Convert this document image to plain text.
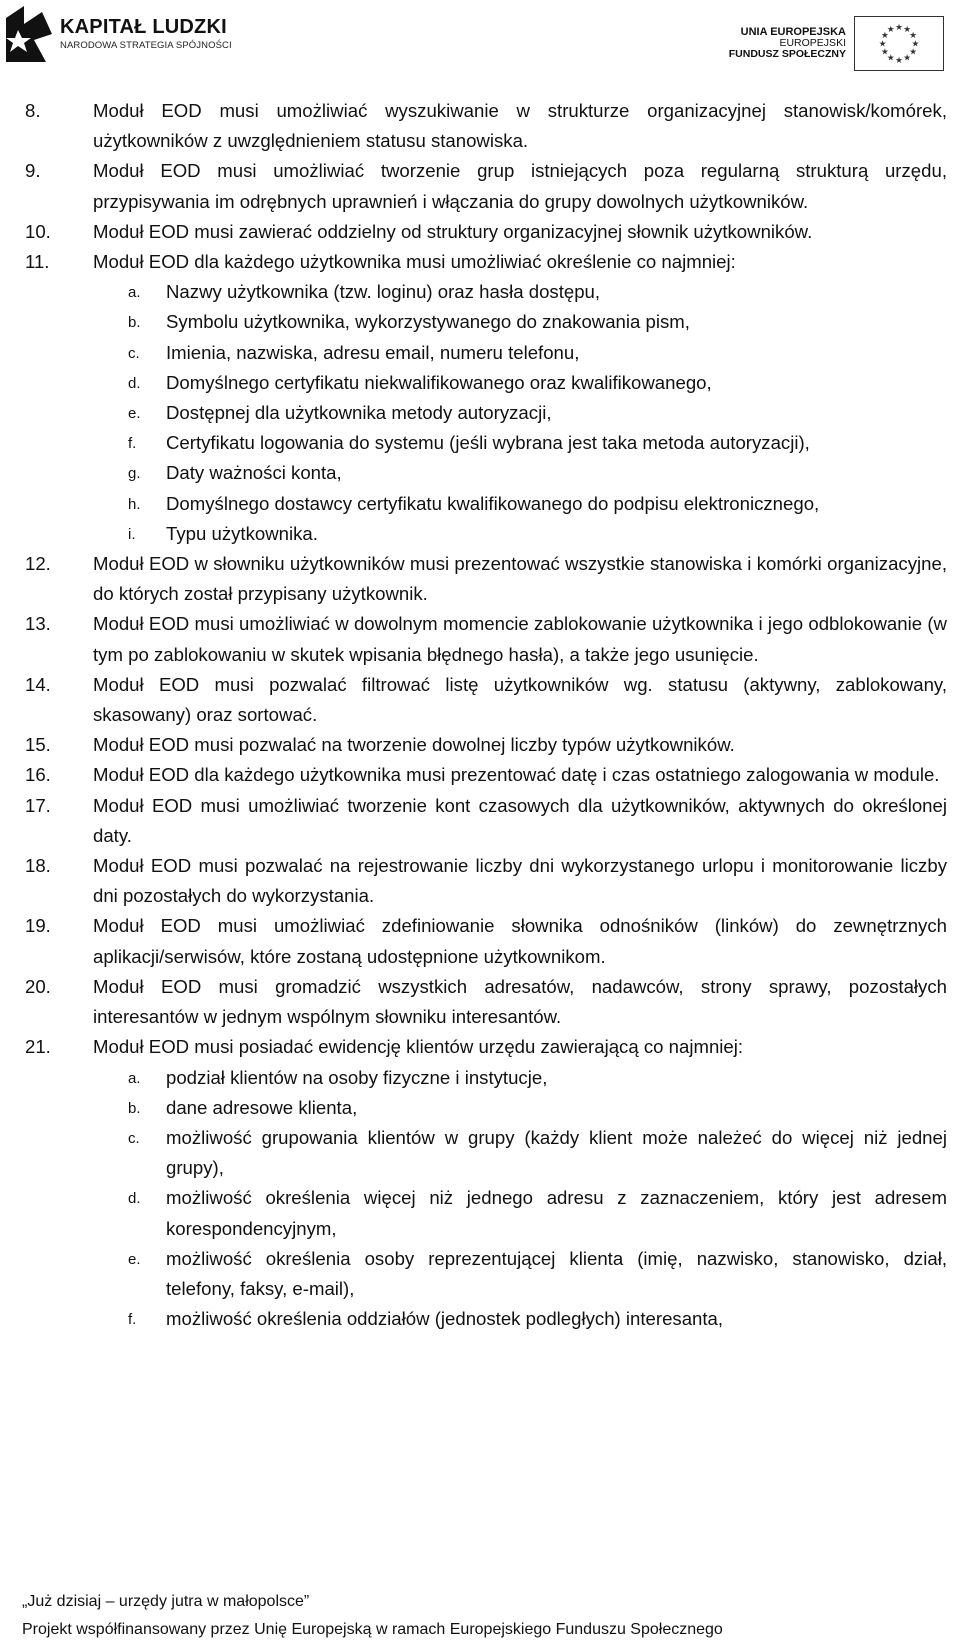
KAPITAŁ LUDZKI
NARODOWA STRATEGIA SPÓJNOŚCI
UNIA EUROPEJSKA
EUROPEJSKI
FUNDUSZ SPOŁECZNY
★
★
★
★
★
★
★
★
★ ★ ★
★
8.	Moduł EOD musi umożliwiać wyszukiwanie w strukturze organizacyjnej stanowisk/komórek, użytkowników z uwzględnieniem statusu stanowiska.
9.	Moduł EOD musi umożliwiać tworzenie grup istniejących poza regularną strukturą urzędu, przypisywania im odrębnych uprawnień i włączania do grupy dowolnych użytkowników.
10. Moduł EOD musi zawierać oddzielny od struktury organizacyjnej słownik użytkowników.
11. Moduł EOD dla każdego użytkownika musi umożliwiać określenie co najmniej:
a. Nazwy użytkownika (tzw. loginu) oraz hasła dostępu,
b. Symbolu użytkownika, wykorzystywanego do znakowania pism,
c. Imienia, nazwiska, adresu email, numeru telefonu,
d. Domyślnego certyfikatu niekwalifikowanego oraz kwalifikowanego,
e. Dostępnej dla użytkownika metody autoryzacji,
f. Certyfikatu logowania do systemu (jeśli wybrana jest taka metoda autoryzacji),
g. Daty ważności konta,
h. Domyślnego dostawcy certyfikatu kwalifikowanego do podpisu elektronicznego,
i. Typu użytkownika.
12. Moduł EOD w słowniku użytkowników musi prezentować wszystkie stanowiska i komórki organizacyjne, do których został przypisany użytkownik.
13. Moduł EOD musi umożliwiać w dowolnym momencie zablokowanie użytkownika i jego odblokowanie (w tym po zablokowaniu w skutek wpisania błędnego hasła), a także jego usunięcie.
14. Moduł EOD musi pozwalać filtrować listę użytkowników wg. statusu (aktywny, zablokowany, skasowany) oraz sortować.
15. Moduł EOD musi pozwalać na tworzenie dowolnej liczby typów użytkowników.
16. Moduł EOD dla każdego użytkownika musi prezentować datę i czas ostatniego zalogowania w module.
17. Moduł EOD musi umożliwiać tworzenie kont czasowych dla użytkowników, aktywnych do określonej daty.
18. Moduł EOD musi pozwalać na rejestrowanie liczby dni wykorzystanego urlopu i monitorowanie liczby dni pozostałych do wykorzystania.
19. Moduł EOD musi umożliwiać zdefiniowanie słownika odnośników (linków) do zewnętrznych aplikacji/serwisów, które zostaną udostępnione użytkownikom.
20. Moduł EOD musi gromadzić wszystkich adresatów, nadawców, strony sprawy, pozostałych interesantów w jednym wspólnym słowniku interesantów.
21. Moduł EOD musi posiadać ewidencję klientów urzędu zawierającą co najmniej:
a. podział klientów na osoby fizyczne i instytucje,
b. dane adresowe klienta,
c. możliwość grupowania klientów w grupy (każdy klient może należeć do więcej niż jednej grupy),
d. możliwość określenia więcej niż jednego adresu z zaznaczeniem, który jest adresem korespondencyjnym,
e. możliwość określenia osoby reprezentującej klienta (imię, nazwisko, stanowisko, dział, telefony, faksy, e-mail),
f. możliwość określenia oddziałów (jednostek podległych) interesanta,
„Już dzisiaj – urzędy jutra w małopolsce”
Projekt współfinansowany przez Unię Europejską w ramach Europejskiego Funduszu Społecznego
